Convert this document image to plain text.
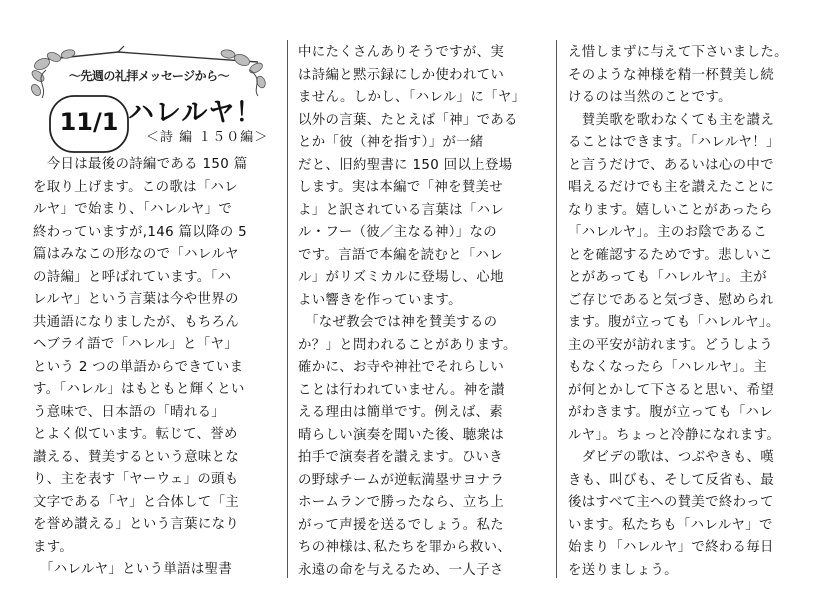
〜先週の礼拝メッセージから〜
11/1 ハレルヤ！
＜詩 編 １５０編＞

　今日は最後の詩編である 150 篇

を取り上げます。この歌は「ハレ

ルヤ」で始まり、「ハレルヤ」で

終わっていますが,146 篇以降の 5

篇はみなこの形なので「ハレルヤ

の詩編」と呼ばれています。「ハ

レルヤ」という言葉は今や世界の

共通語になりましたが、もちろん

ヘブライ語で「ハレル」と「ヤ」

という 2 つの単語からできていま

す。「ハレル」はもともと輝くとい

う意味で、日本語の「晴れる」

とよく似ています。転じて、誉め

讃える、賛美するという意味とな

り、主を表す「ヤーウェ」の頭も

文字である「ヤ」と合体して「主

を誉め讃える」という言葉になり

ます。

　「ハレルヤ」という単語は聖書

中にたくさんありそうですが、実

は詩編と黙示録にしか使われてい

ません。しかし、「ハレル」に「ヤ」

以外の言葉、たとえば「神」である

とか「彼（神を指す）」が一緒

だと、旧約聖書に 150 回以上登場

します。実は本編で「神を賛美せ

よ」と訳されている言葉は「ハレ

ル・フー（彼／主なる神）」なの

です。言語で本編を読むと「ハレ

ル」がリズミカルに登場し、心地

よい響きを作っています。

　「なぜ教会では神を賛美するの

か？」と問われることがあります。

確かに、お寺や神社でそれらしい

ことは行われていません。神を讃

える理由は簡単です。例えば、素

晴らしい演奏を聞いた後、聴衆は

拍手で演奏者を讃えます。ひいき

の野球チームが逆転満塁サヨナラ

ホームランで勝ったなら、立ち上

がって声援を送るでしょう。私た

ちの神様は､私たちを罪から救い、

永遠の命を与えるため、一人子さ

え惜しまずに与えて下さいました。

そのような神様を精一杯賛美し続

けるのは当然のことです。

　賛美歌を歌わなくても主を讃え

ることはできます。「ハレルヤ！」

と言うだけで、あるいは心の中で

唱えるだけでも主を讃えたことに

なります。嬉しいことがあったら

「ハレルヤ」。主のお陰であるこ

とを確認するためです。悲しいこ

とがあっても「ハレルヤ」。主が

ご存じであると気づき、慰められ

ます。腹が立っても「ハレルヤ」。

主の平安が訪れます。どうしよう

もなくなったら「ハレルヤ」。主

が何とかして下さると思い、希望

がわきます。腹が立っても「ハレ

ルヤ｣。ちょっと冷静になれます。

　ダビデの歌は、つぶやきも、嘆

きも、叫びも、そして反省も、最

後はすべて主への賛美で終わって

います。私たちも「ハレルヤ」で

始まり「ハレルヤ」で終わる毎日

を送りましょう。
